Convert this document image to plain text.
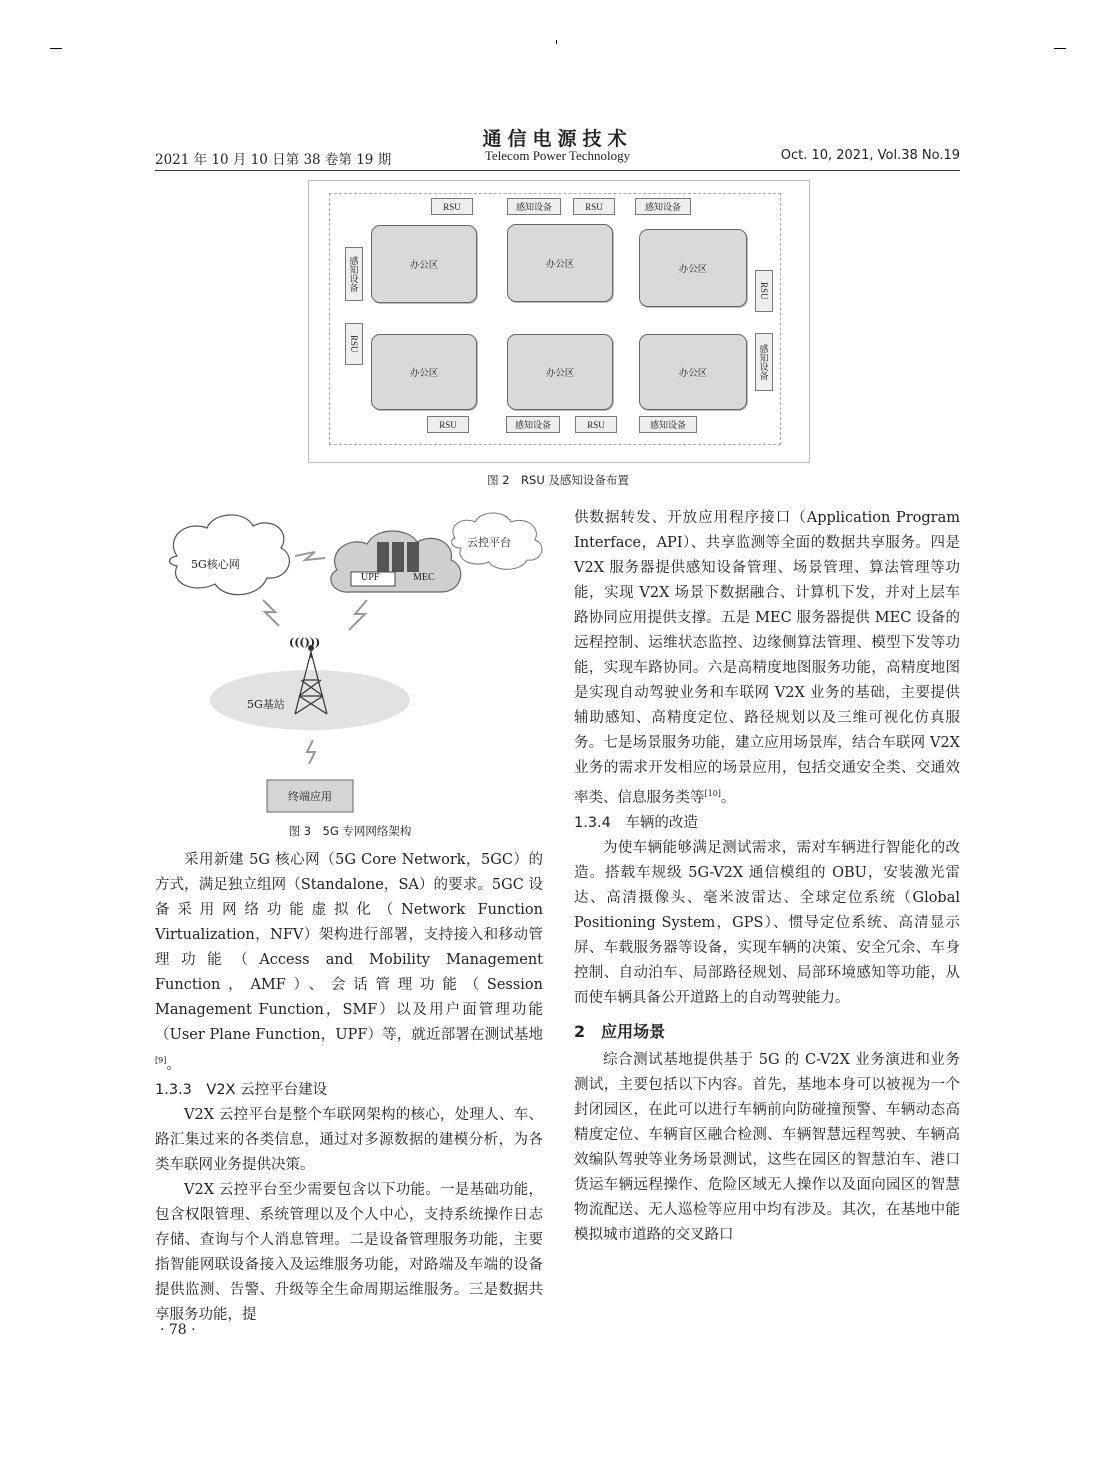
2021 年 10 月 10 日第 38 卷第 19 期
通信电源技术
Telecom Power Technology	Oct. 10, 2021, Vol.38 No.19
办公区	办公区	办公区
办公区	办公区	办公区
RSU	感知设备	RSU	感知设备
RSU	感知设备	RSU	感知设备
感知设备
RSU
RSU
感知设备
图 2　RSU 及感知设备布置
5G核心网
云控平台
UPF	MEC
((()))
5G基站
终端应用
图 3　5G 专网网络架构

采用新建 5G 核心网（5G Core Network，5GC）的方式，满足独立组网（Standalone，SA）的要求。5GC 设备采用网络功能虚拟化（Network Function Virtualization，NFV）架构进行部署，支持接入和移动管理功能（Access and Mobility Management Function，AMF）、会话管理功能（Session Management Function，SMF）以及用户面管理功能（User Plane Function，UPF）等，就近部署在测试基地[9]。

1.3.3　V2X 云控平台建设

V2X 云控平台是整个车联网架构的核心，处理人、车、路汇集过来的各类信息，通过对多源数据的建模分析，为各类车联网业务提供决策。

V2X 云控平台至少需要包含以下功能。一是基础功能，包含权限管理、系统管理以及个人中心，支持系统操作日志存储、查询与个人消息管理。二是设备管理服务功能，主要指智能网联设备接入及运维服务功能，对路端及车端的设备提供监测、告警、升级等全生命周期运维服务。三是数据共享服务功能，提

供数据转发、开放应用程序接口（Application Program Interface，API）、共享监测等全面的数据共享服务。四是 V2X 服务器提供感知设备管理、场景管理、算法管理等功能，实现 V2X 场景下数据融合、计算机下发，并对上层车路协同应用提供支撑。五是 MEC 服务器提供 MEC 设备的远程控制、运维状态监控、边缘侧算法管理、模型下发等功能，实现车路协同。六是高精度地图服务功能，高精度地图是实现自动驾驶业务和车联网 V2X 业务的基础，主要提供辅助感知、高精度定位、路径规划以及三维可视化仿真服务。七是场景服务功能，建立应用场景库，结合车联网 V2X 业务的需求开发相应的场景应用，包括交通安全类、交通效率类、信息服务类等[10]。

1.3.4　车辆的改造

为使车辆能够满足测试需求，需对车辆进行智能化的改造。搭载车规级 5G-V2X 通信模组的 OBU，安装激光雷达、高清摄像头、毫米波雷达、全球定位系统（Global Positioning System，GPS）、惯导定位系统、高清显示屏、车载服务器等设备，实现车辆的决策、安全冗余、车身控制、自动泊车、局部路径规划、局部环境感知等功能，从而使车辆具备公开道路上的自动驾驶能力。

2　应用场景

综合测试基地提供基于 5G 的 C-V2X 业务演进和业务测试，主要包括以下内容。首先，基地本身可以被视为一个封闭园区，在此可以进行车辆前向防碰撞预警、车辆动态高精度定位、车辆盲区融合检测、车辆智慧远程驾驶、车辆高效编队驾驶等业务场景测试，这些在园区的智慧泊车、港口货运车辆远程操作、危险区域无人操作以及面向园区的智慧物流配送、无人巡检等应用中均有涉及。其次，在基地中能模拟城市道路的交叉路口

· 78 ·
